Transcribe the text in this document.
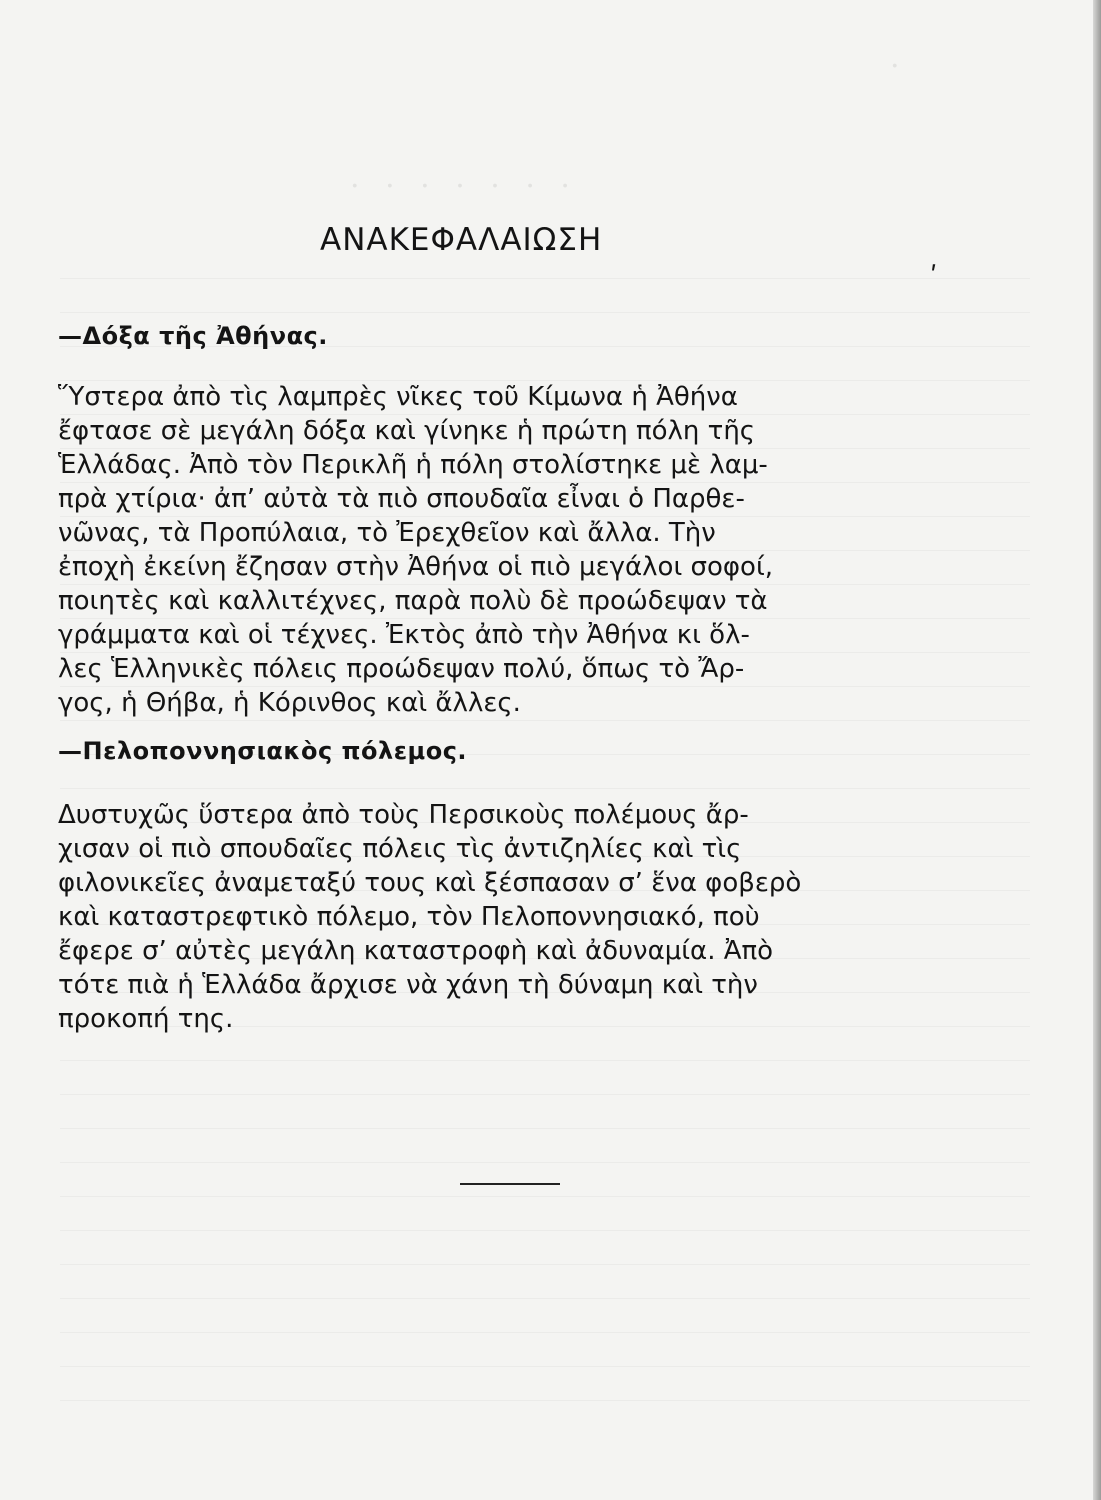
·
· · · · · · ·
ΑΝΑΚΕΦΑΛΑΙΩΣΗ
ʹ
—Δόξα τῆς Ἀθήνας.
Ὕστερα ἀπὸ τὶς λαμπρὲς νῖκες τοῦ Κίμωνα ἡ Ἀθήνα
ἔφτασε σὲ μεγάλη δόξα καὶ γίνηκε ἡ πρώτη πόλη τῆς
Ἑλλάδας. Ἀπὸ τὸν Περικλῆ ἡ πόλη στολίστηκε μὲ λαμ-
πρὰ χτίρια· ἀπ’ αὐτὰ τὰ πιὸ σπουδαῖα εἶναι ὁ Παρθε-
νῶνας, τὰ Προπύλαια, τὸ Ἐρεχθεῖον καὶ ἄλλα. Τὴν
ἐποχὴ ἐκείνη ἔζησαν στὴν Ἀθήνα οἱ πιὸ μεγάλοι σοφοί,
ποιητὲς καὶ καλλιτέχνες, παρὰ πολὺ δὲ προώδεψαν τὰ
γράμματα καὶ οἱ τέχνες. Ἐκτὸς ἀπὸ τὴν Ἀθήνα κι ὅλ-
λες Ἑλληνικὲς πόλεις προώδεψαν πολύ, ὅπως τὸ Ἄρ-
γος, ἡ Θήβα, ἡ Κόρινθος καὶ ἄλλες.
—Πελοποννησιακὸς πόλεμος.
Δυστυχῶς ὕστερα ἀπὸ τοὺς Περσικοὺς πολέμους ἄρ-
χισαν οἱ πιὸ σπουδαῖες πόλεις τὶς ἀντιζηλίες καὶ τὶς
φιλονικεῖες ἀναμεταξύ τους καὶ ξέσπασαν σ’ ἕνα φοβερὸ
καὶ καταστρεφτικὸ πόλεμο, τὸν Πελοποννησιακό, ποὺ
ἔφερε σ’ αὐτὲς μεγάλη καταστροφὴ καὶ ἀδυναμία. Ἀπὸ
τότε πιὰ ἡ Ἑλλάδα ἄρχισε νὰ χάνη τὴ δύναμη καὶ τὴν
προκοπή της.
